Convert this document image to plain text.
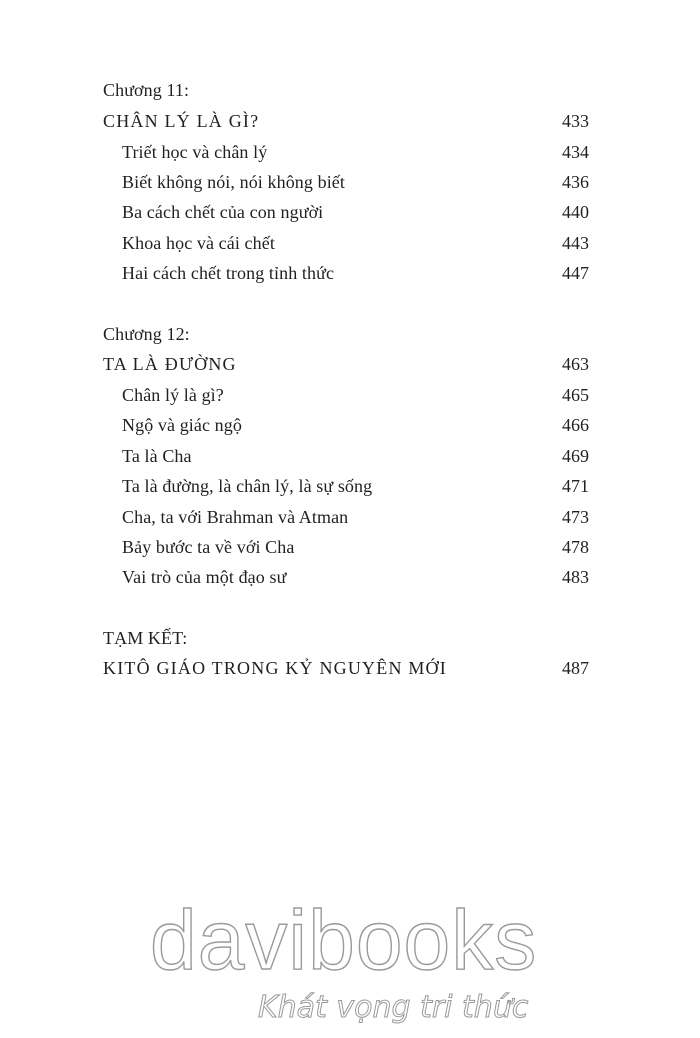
Chương 11:
CHÂN LÝ LÀ GÌ?	433
Triết học và chân lý	434
Biết không nói, nói không biết	436
Ba cách chết của con người	440
Khoa học và cái chết	443
Hai cách chết trong tỉnh thức	447
Chương 12:
TA LÀ ĐƯỜNG	463
Chân lý là gì?	465
Ngộ và giác ngộ	466
Ta là Cha	469
Ta là đường, là chân lý, là sự sống	471
Cha, ta với Brahman và Atman	473
Bảy bước ta về với Cha	478
Vai trò của một đạo sư	483
TẠM KẾT:
KITÔ GIÁO TRONG KỶ NGUYÊN MỚI	487
davibooks
Khát vọng tri thức
